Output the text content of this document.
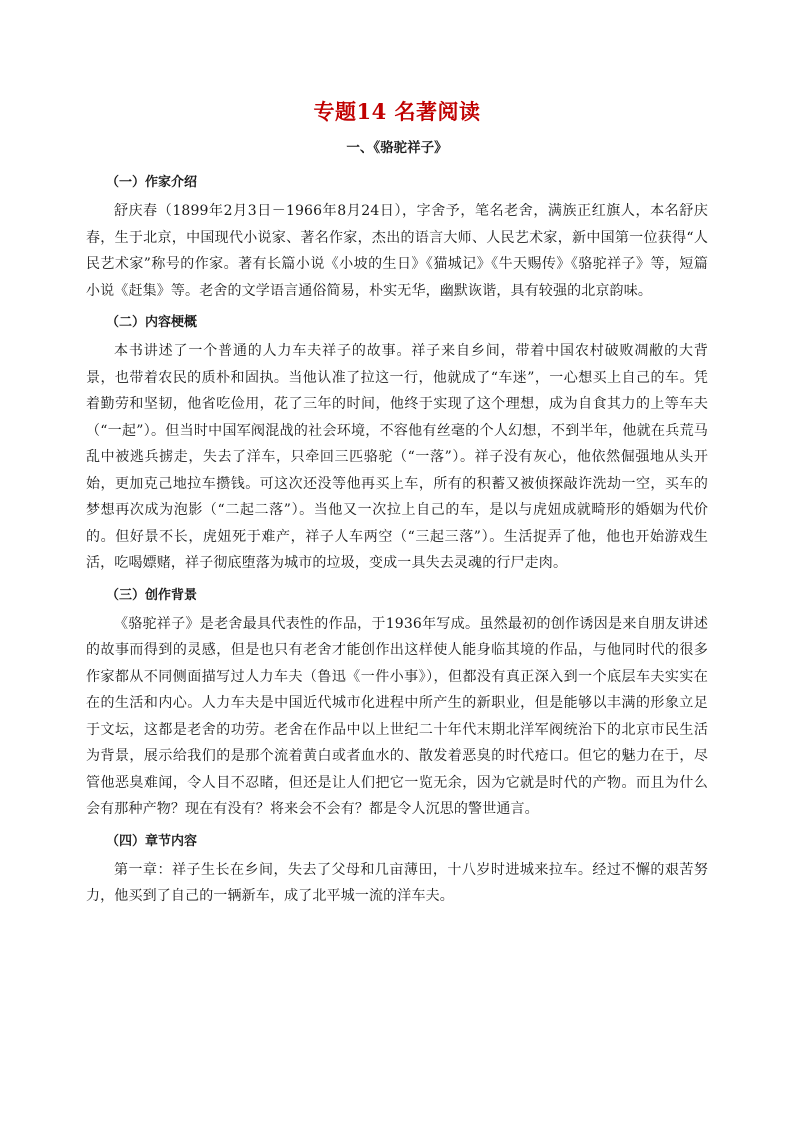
专题14 名著阅读
一、《骆驼祥子》
（一）作家介绍

舒庆春（1899年2月3日－1966年8月24日），字舍予，笔名老舍，满族正红旗人，本名舒庆春，生于北京，中国现代小说家、著名作家，杰出的语言大师、人民艺术家，新中国第一位获得“人民艺术家”称号的作家。著有长篇小说《小坡的生日》《猫城记》《牛天赐传》《骆驼祥子》等，短篇小说《赶集》等。老舍的文学语言通俗简易，朴实无华，幽默诙谐，具有较强的北京韵味。

（二）内容梗概

本书讲述了一个普通的人力车夫祥子的故事。祥子来自乡间，带着中国农村破败凋敝的大背景，也带着农民的质朴和固执。当他认准了拉这一行，他就成了“车迷”，一心想买上自己的车。凭着勤劳和坚韧，他省吃俭用，花了三年的时间，他终于实现了这个理想，成为自食其力的上等车夫（“一起”）。但当时中国军阀混战的社会环境，不容他有丝毫的个人幻想，不到半年，他就在兵荒马乱中被逃兵掳走，失去了洋车，只牵回三匹骆驼（“一落”）。祥子没有灰心，他依然倔强地从头开始，更加克己地拉车攒钱。可这次还没等他再买上车，所有的积蓄又被侦探敲诈洗劫一空，买车的梦想再次成为泡影（“二起二落”）。当他又一次拉上自己的车，是以与虎妞成就畸形的婚姻为代价的。但好景不长，虎妞死于难产，祥子人车两空（“三起三落”）。生活捉弄了他，他也开始游戏生活，吃喝嫖赌，祥子彻底堕落为城市的垃圾，变成一具失去灵魂的行尸走肉。

（三）创作背景

《骆驼祥子》是老舍最具代表性的作品，于1936年写成。虽然最初的创作诱因是来自朋友讲述的故事而得到的灵感，但是也只有老舍才能创作出这样使人能身临其境的作品，与他同时代的很多作家都从不同侧面描写过人力车夫（鲁迅《一件小事》），但都没有真正深入到一个底层车夫实实在在的生活和内心。人力车夫是中国近代城市化进程中所产生的新职业，但是能够以丰满的形象立足于文坛，这都是老舍的功劳。老舍在作品中以上世纪二十年代末期北洋军阀统治下的北京市民生活为背景，展示给我们的是那个流着黄白或者血水的、散发着恶臭的时代疮口。但它的魅力在于，尽管他恶臭难闻，令人目不忍睹，但还是让人们把它一览无余，因为它就是时代的产物。而且为什么会有那种产物？现在有没有？将来会不会有？都是令人沉思的警世通言。

（四）章节内容

第一章：祥子生长在乡间，失去了父母和几亩薄田，十八岁时进城来拉车。经过不懈的艰苦努力，他买到了自己的一辆新车，成了北平城一流的洋车夫。
